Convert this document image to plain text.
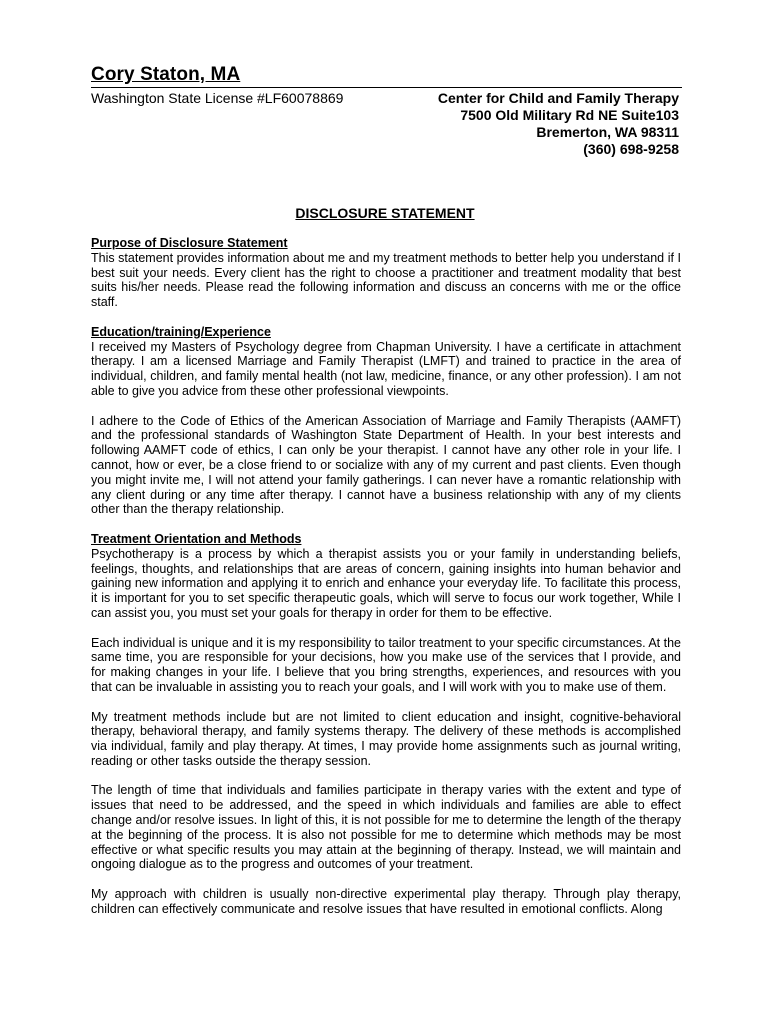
Cory Staton, MA
Washington State License #LF60078869	Center for Child and Family Therapy
7500 Old Military Rd NE Suite103
Bremerton, WA 98311
(360) 698-9258
DISCLOSURE STATEMENT

Purpose of Disclosure Statement

This statement provides information about me and my treatment methods to better help you understand if I best suit your needs. Every client has the right to choose a practitioner and treatment modality that best suits his/her needs. Please read the following information and discuss an concerns with me or the office staff.

Education/training/Experience

I received my Masters of Psychology degree from Chapman University. I have a certificate in attachment therapy. I am a licensed Marriage and Family Therapist (LMFT) and trained to practice in the area of individual, children, and family mental health (not law, medicine, finance, or any other profession). I am not able to give you advice from these other professional viewpoints.

I adhere to the Code of Ethics of the American Association of Marriage and Family Therapists (AAMFT) and the professional standards of Washington State Department of Health. In your best interests and following AAMFT code of ethics, I can only be your therapist. I cannot have any other role in your life. I cannot, how or ever, be a close friend to or socialize with any of my current and past clients. Even though you might invite me, I will not attend your family gatherings. I can never have a romantic relationship with any client during or any time after therapy. I cannot have a business relationship with any of my clients other than the therapy relationship.

Treatment Orientation and Methods

Psychotherapy is a process by which a therapist assists you or your family in understanding beliefs, feelings, thoughts, and relationships that are areas of concern, gaining insights into human behavior and gaining new information and applying it to enrich and enhance your everyday life. To facilitate this process, it is important for you to set specific therapeutic goals, which will serve to focus our work together, While I can assist you, you must set your goals for therapy in order for them to be effective.

Each individual is unique and it is my responsibility to tailor treatment to your specific circumstances. At the same time, you are responsible for your decisions, how you make use of the services that I provide, and for making changes in your life. I believe that you bring strengths, experiences, and resources with you that can be invaluable in assisting you to reach your goals, and I will work with you to make use of them.

My treatment methods include but are not limited to client education and insight, cognitive-behavioral therapy, behavioral therapy, and family systems therapy. The delivery of these methods is accomplished via individual, family and play therapy. At times, I may provide home assignments such as journal writing, reading or other tasks outside the therapy session.

The length of time that individuals and families participate in therapy varies with the extent and type of issues that need to be addressed, and the speed in which individuals and families are able to effect change and/or resolve issues. In light of this, it is not possible for me to determine the length of the therapy at the beginning of the process. It is also not possible for me to determine which methods may be most effective or what specific results you may attain at the beginning of therapy. Instead, we will maintain and ongoing dialogue as to the progress and outcomes of your treatment.

My approach with children is usually non-directive experimental play therapy. Through play therapy, children can effectively communicate and resolve issues that have resulted in emotional conflicts. Along
